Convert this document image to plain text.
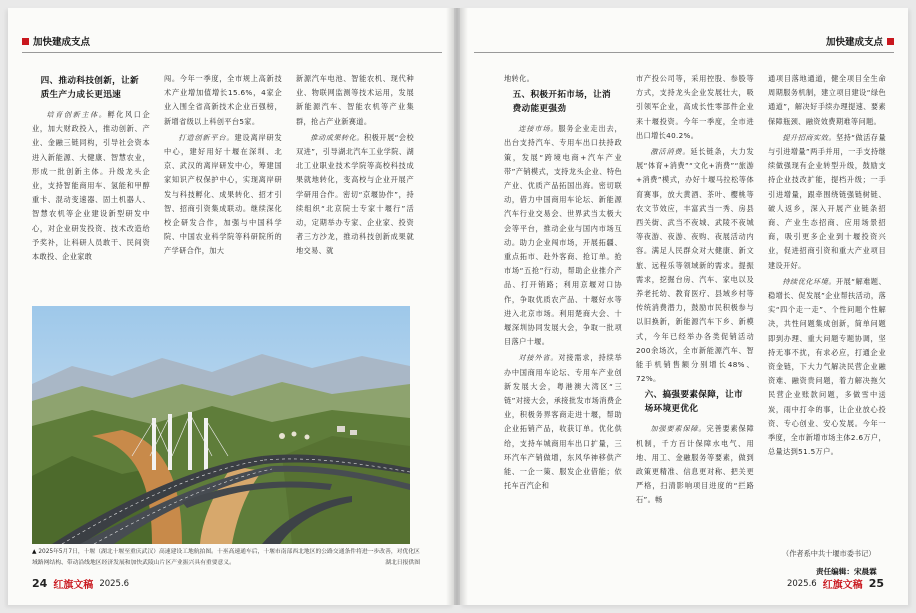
加快建成支点
四、推动科技创新，让新
质生产力成长更迅速

培育创新主体。孵化风口企业，加大财政投入，推动创新、产业、金融三链同构，引导社会资本进入新能源、大健康、智慧农业，形成一批创新主体。升级龙头企业，支持智能商用车、氢能和甲醇重卡、混动变速器、固土机器人、智慧农机等企业建设新型研发中心，对企业研发投资、技术改造给予奖补，让科研人员敢干、民间资本敢投、企业家敢

闯。今年一季度，全市规上高新技术产业增加值增长15.6%，4家企业入围全省高新技术企业百强榜，新增省级以上科创平台5家。

打造创新平台。建设离岸研发中心，建好用好十堰在深圳、北京、武汉的离岸研发中心，筹建国家知识产权保护中心，实现离岸研发与科技孵化、成果转化、招才引智、招商引资集成联动。继续深化校企研发合作，加强与中国科学院、中国农业科学院等科研院所的产学研合作，加大

新源汽车电池、智能农机、现代种业、物联网监测等技术运用，发展新能源汽车、智能农机等产业集群，抢占产业新赛道。

推动成果转化。积极开展“会校双进”，引导湖北汽车工业学院、湖北工业职业技术学院等高校科技成果就地转化，变高校与企业开展产学研用合作。密切“京堰协作”，持续组织“北京院士专家十堰行”活动，定期举办专家、企业家、投资者三方沙龙，推动科技创新成果就地交易、就

▲ 2025年5月7日，十堰（湖北十堰至重庆武汉）高速建设工地航拍图。十巫高速通车后，十堰市南部西北地区的公路交通条件将进一步改善，对优化区域路网结构、带动沿线地区经济发展和加快武陵山片区产业振兴具有重要意义。	湖北日报供图
24 红旗文稿 2025.6
加快建成支点

地转化。

五、积极开拓市场，让消
费动能更强劲

连接市场。服务企业走出去，出台支持汽车、专用车出口扶持政策，发展“跨境电商+汽车产业带”产销模式，支持龙头企业、特色产业、优质产品拓国出海。密切联动，借力中国商用车论坛、新能源汽车行业交易会、世界武当太极大会等平台，推动企业与国内市场互动。助力企业闯市场，开展拓疆、重点拓市、赴外客商、抢订单。抢市场“五抢”行动，帮助企业推介产品、打开销路；利用京堰对口协作，争取优质农产品、十堰好水等进入北京市场。利用楚商大会、十堰深圳协同发展大会，争取一批项目落户十堰。

对接外省。对接需求，持续举办中国商用车论坛、专用车产业创新发展大会，粤港澳大湾区“三链”对接大会，承接批发市场消费企业，积极务界客商走进十堰，帮助企业拓销产品，收获订单。优化供给，支持车城商用车出口扩量，三环汽车产销做增，东风华神移供产能、一企一策、服发企业借能；依托车百汽企和

市产投公司等，采用控股、参股等方式，支持龙头企业发展壮大，吸引领军企业，高成长性零部件企业来十堰投资。今年一季度，全市进出口增长40.2%。

激活消费。延长链条，大力发展“体育+消费”“文化+消费”“旅游+消费”模式，办好十堰马拉松等体育赛事，放大黄酒、茶叶、樱桃等农文节效应，丰富武当一秀、房县西关街、武当不夜城、武陵不夜城等夜游、夜游、夜购、夜展活动内容。满足人民群众对大健康、新文旅、远程乐等领域新的需求。提振需求，挖掘台房、汽车、家电以及养老托幼、教育医疗、县域乡村等传统消费潜力，鼓励市民积极参与以旧换新，新能源汽车下乡、新模式，今年已经举办各类促销活动200余场次，全市新能源汽车、智能手机销售额分别增长48%、72%。

六、搞强要素保障，让市
场环境更优化

加强要素保障。完善要素保障机制，千方百计保障水电气、用地、用工、金融服务等要素，做到政策更精准、信息更对称、把关更严格，扫清影响项目进度的“拦路石”。畅

通项目落地通道，健全项目全生命周期服务机制，建立项目建设“绿色通道”，解决好手续办理提速、要素保障瓶颈、融资效费期难等问题。

提升招商实效。坚持“做活存量与引进增量”两手并用，一手支持继续做强现有企业转型升级，鼓励支持企业技改扩能，提档升级；一手引进增量，跟牵围绕链强链树链、破人返乡，深入开展产业链条招商、产业生态招商、应用场景招商，吸引更多企业到十堰投资兴业，促进招商引资和重大产业项目建设开好。

持续优化环境。开展“解难题、稳增长、促发展”企业帮扶活动，落实“四个走一走”、个性问题个性解决，共性问题集成创新，简单问题即到办理、重大问题专题协调，坚持无事不扰，有求必应，打通企业资金链，下大力气解决民营企业融资难、融资贵问题，着力解决拖欠民营企业账款问题，多做雪中送炭，雨中打伞的事，让企业放心投资、专心创业、安心发展。今年一季度，全市新增市场主体2.6万户，总量达到51.5万户。

（作者系中共十堰市委书记）
责任编辑：宋晨霖
2025.6 红旗文稿 25
